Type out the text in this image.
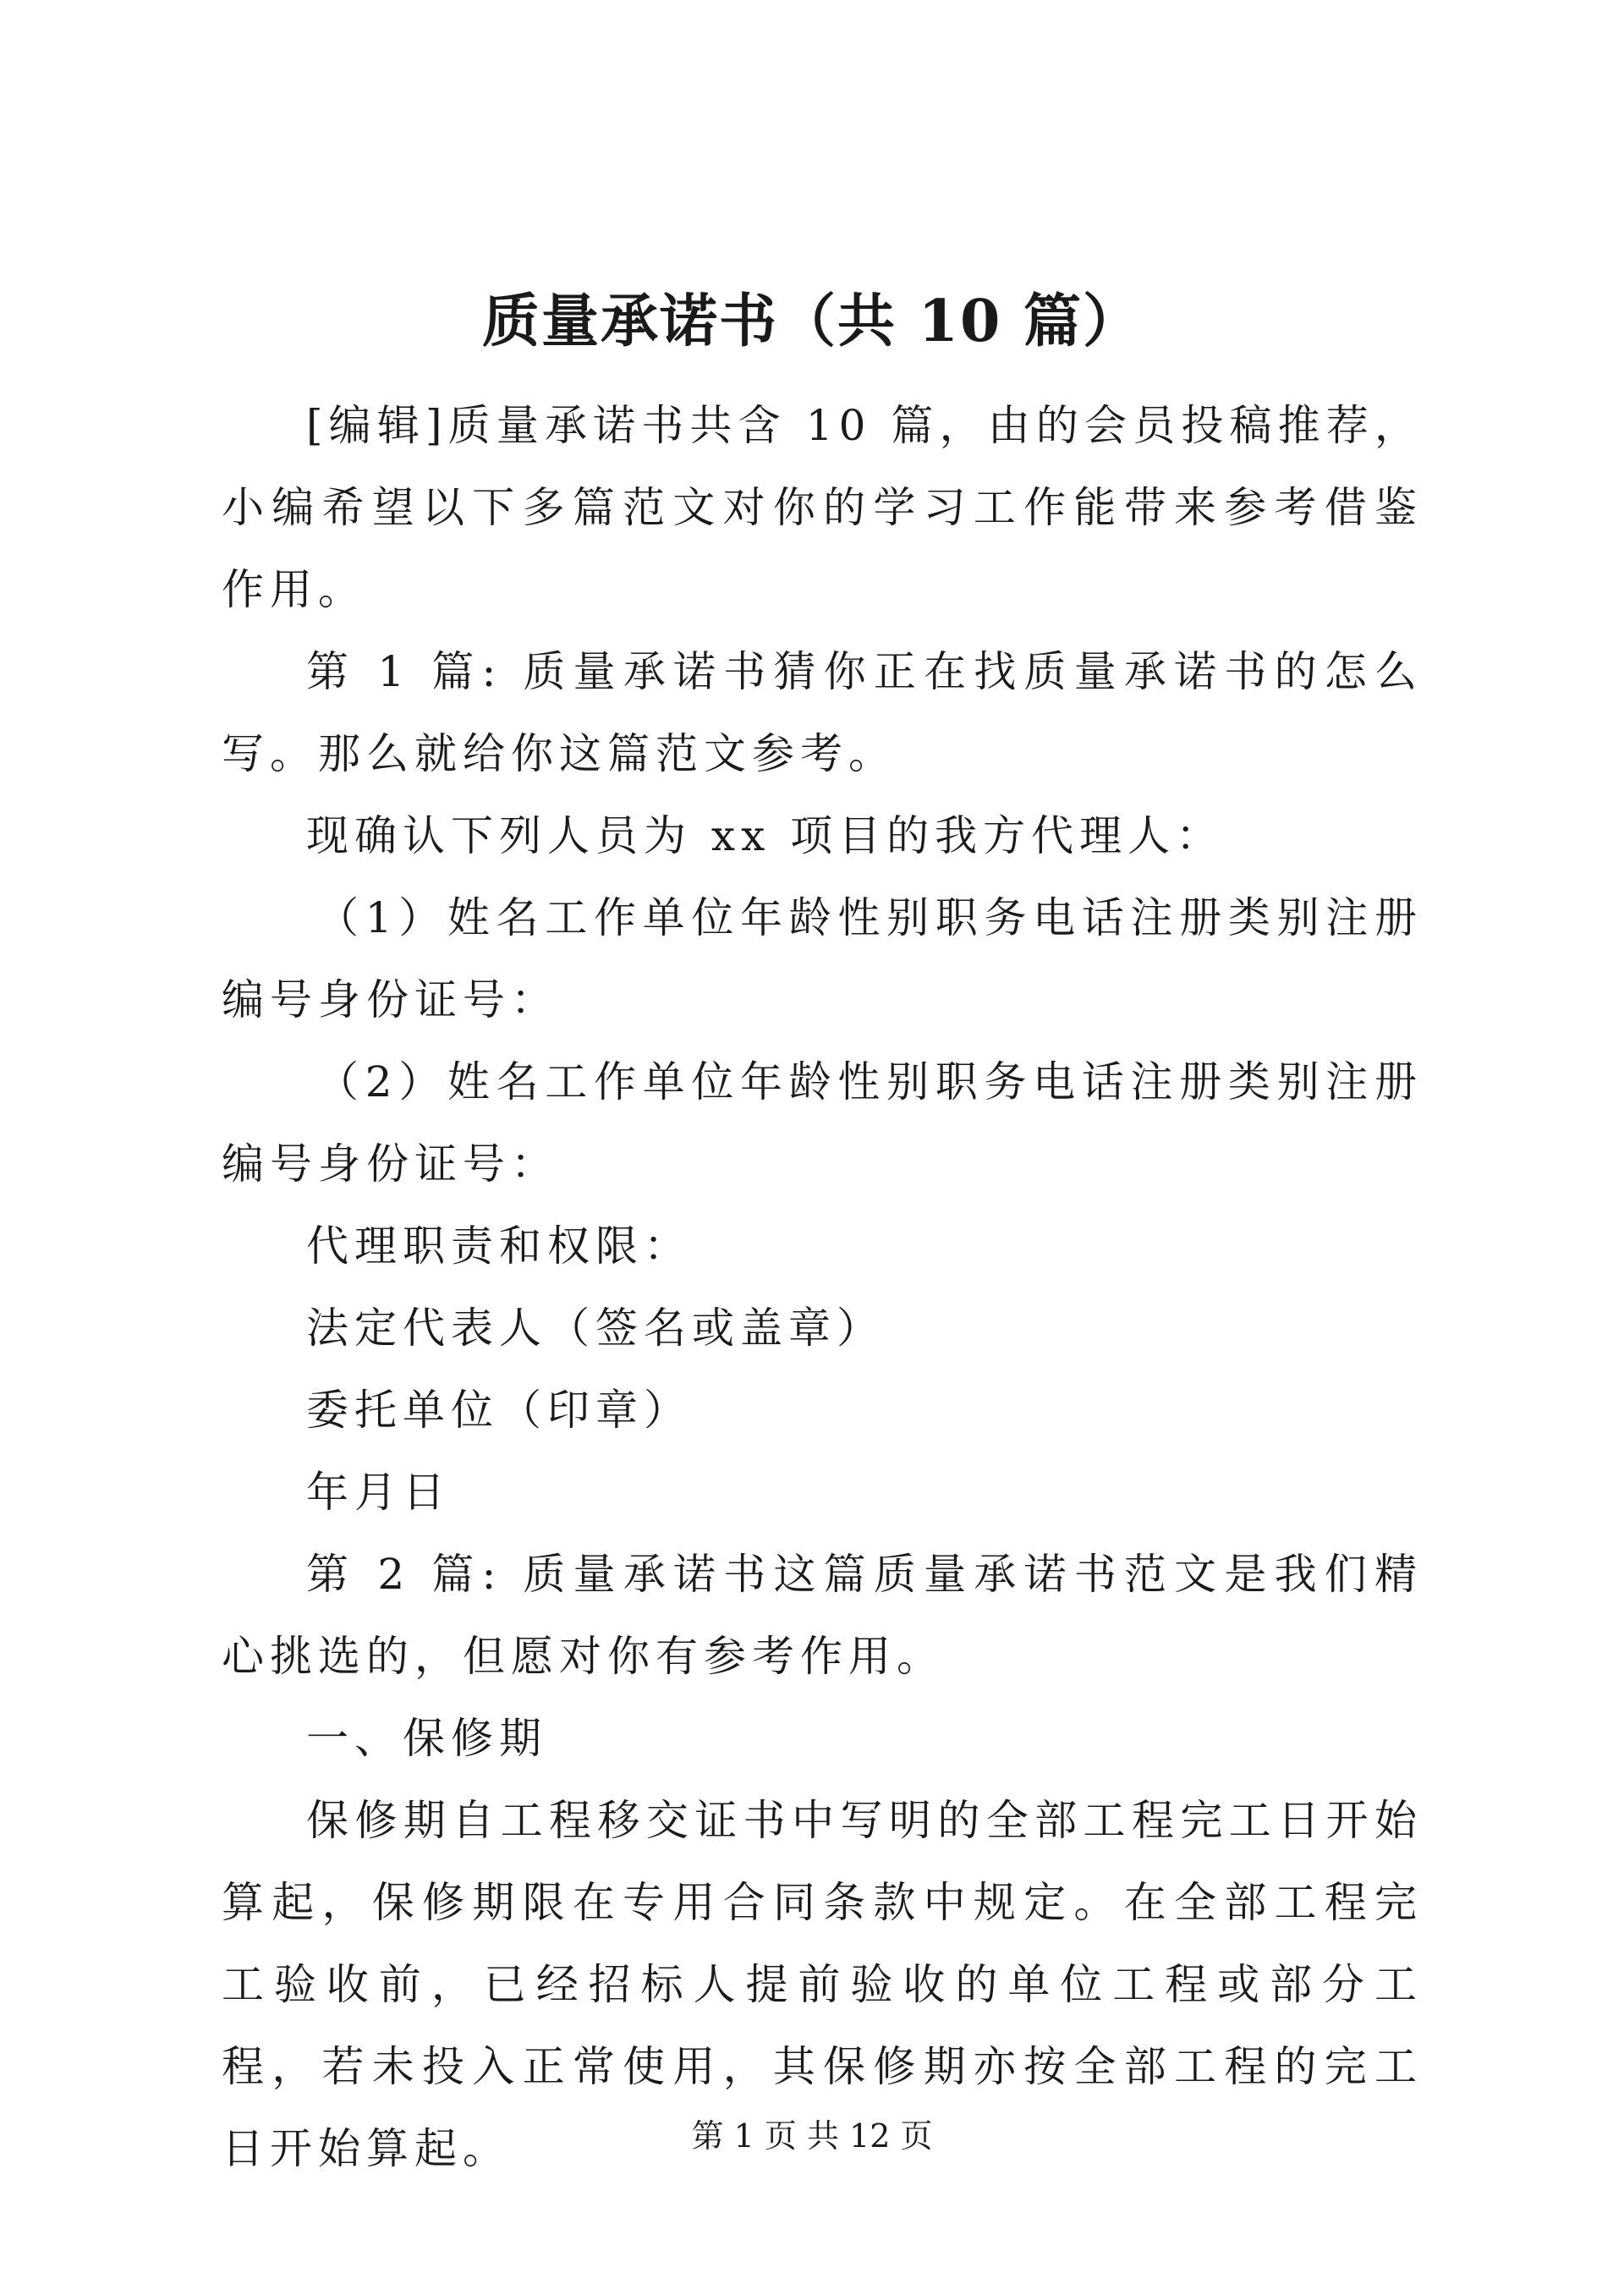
质量承诺书（共 10 篇）

[编辑]质量承诺书共含 10 篇，由的会员投稿推荐，小编希望以下多篇范文对你的学习工作能带来参考借鉴作用。

第 1 篇: 质量承诺书猜你正在找质量承诺书的怎么写。那么就给你这篇范文参考。

现确认下列人员为 xx 项目的我方代理人：

（1）姓名工作单位年龄性别职务电话注册类别注册编号身份证号：

（2）姓名工作单位年龄性别职务电话注册类别注册编号身份证号：

代理职责和权限：

法定代表人（签名或盖章）

委托单位（印章）

年月日

第 2 篇: 质量承诺书这篇质量承诺书范文是我们精心挑选的，但愿对你有参考作用。

一、保修期

保修期自工程移交证书中写明的全部工程完工日开始算起，保修期限在专用合同条款中规定。在全部工程完工验收前，已经招标人提前验收的单位工程或部分工程，若未投入正常使用，其保修期亦按全部工程的完工日开始算起。	第 1 页 共 12 页
